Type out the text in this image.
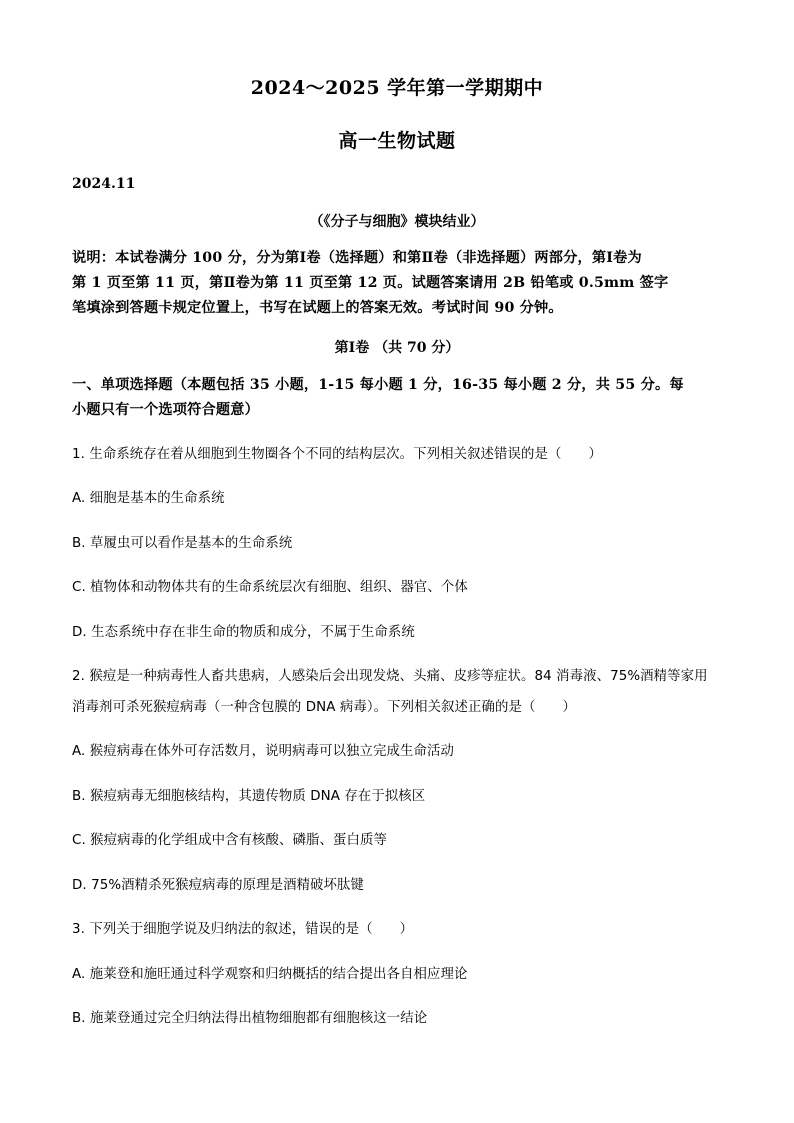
2024～2025 学年第一学期期中
高一生物试题
2024.11
（《分子与细胞》模块结业）
说明：本试卷满分 100 分，分为第Ⅰ卷（选择题）和第Ⅱ卷（非选择题）两部分，第Ⅰ卷为
第 1 页至第 11 页，第Ⅱ卷为第 11 页至第 12 页。试题答案请用 2B 铅笔或 0.5mm 签字
笔填涂到答题卡规定位置上，书写在试题上的答案无效。考试时间 90 分钟。
第Ⅰ卷 （共 70 分）
一、单项选择题（本题包括 35 小题，1-15 每小题 1 分，16-35 每小题 2 分，共 55 分。每
小题只有一个选项符合题意）
1. 生命系统存在着从细胞到生物圈各个不同的结构层次。下列相关叙述错误的是（　　）
A. 细胞是基本的生命系统
B. 草履虫可以看作是基本的生命系统
C. 植物体和动物体共有的生命系统层次有细胞、组织、器官、个体
D. 生态系统中存在非生命的物质和成分，不属于生命系统
2. 猴痘是一种病毒性人畜共患病，人感染后会出现发烧、头痛、皮疹等症状。84 消毒液、75%酒精等家用
消毒剂可杀死猴痘病毒（一种含包膜的 DNA 病毒）。下列相关叙述正确的是（　　）
A. 猴痘病毒在体外可存活数月，说明病毒可以独立完成生命活动
B. 猴痘病毒无细胞核结构，其遗传物质 DNA 存在于拟核区
C. 猴痘病毒的化学组成中含有核酸、磷脂、蛋白质等
D. 75%酒精杀死猴痘病毒的原理是酒精破坏肽键
3. 下列关于细胞学说及归纳法的叙述，错误的是（　　）
A. 施莱登和施旺通过科学观察和归纳概括的结合提出各自相应理论
B. 施莱登通过完全归纳法得出植物细胞都有细胞核这一结论
